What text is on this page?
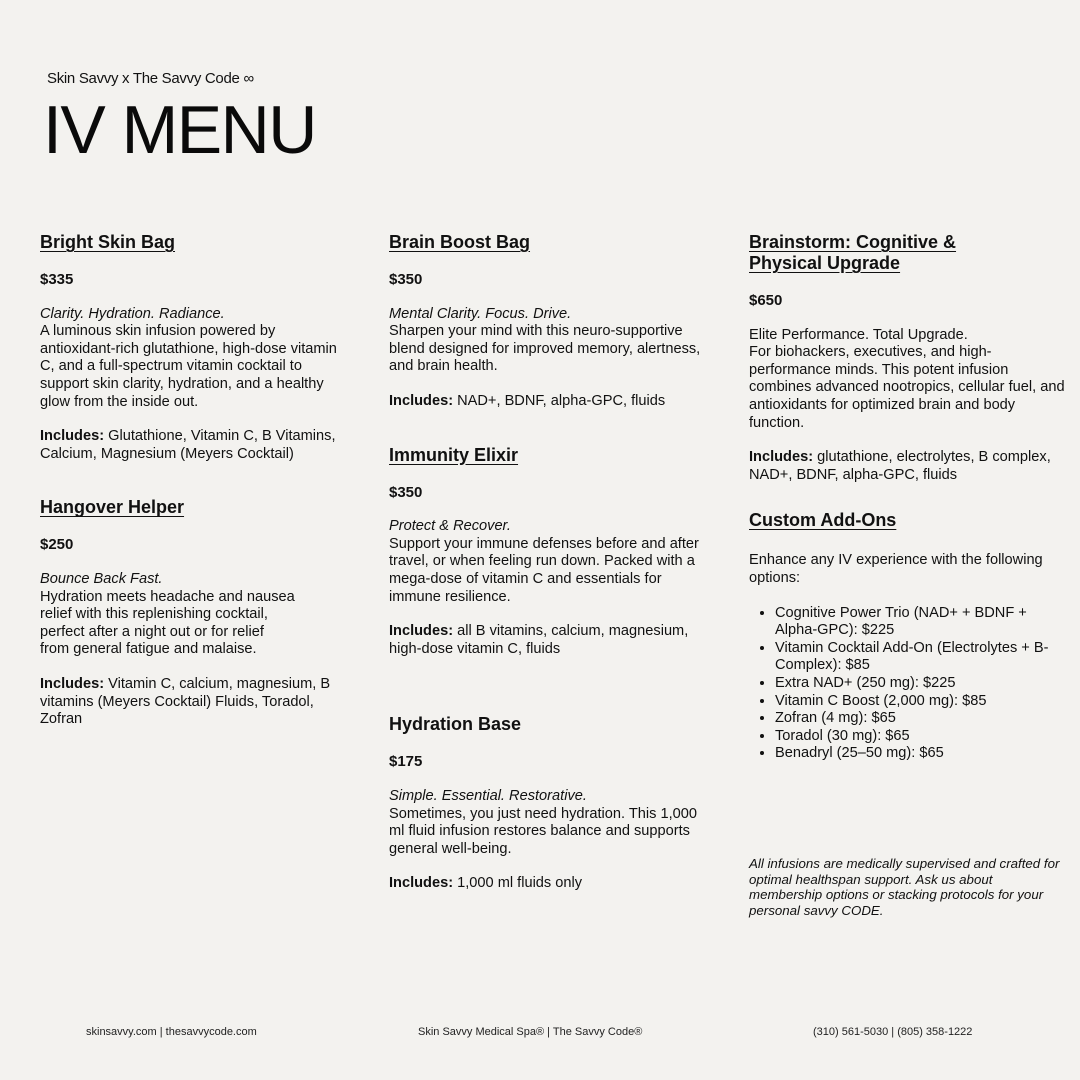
Skin Savvy x The Savvy Code ∞
IV MENU
Bright Skin Bag
$335
Clarity. Hydration. Radiance.

A luminous skin infusion powered by antioxidant-rich glutathione, high-dose vitamin C, and a full-spectrum vitamin cocktail to support skin clarity, hydration, and a healthy glow from the inside out.

Includes: Glutathione, Vitamin C, B Vitamins, Calcium, Magnesium (Meyers Cocktail)

Hangover Helper
$250
Bounce Back Fast.

Hydration meets headache and nausea relief with this replenishing cocktail, perfect after a night out or for relief from general fatigue and malaise.

Includes: Vitamin C, calcium, magnesium, B vitamins (Meyers Cocktail) Fluids, Toradol, Zofran

Brain Boost Bag
$350
Mental Clarity. Focus. Drive.

Sharpen your mind with this neuro-supportive blend designed for improved memory, alertness, and brain health.

Includes: NAD+, BDNF, alpha-GPC, fluids

Immunity Elixir
$350
Protect & Recover.

Support your immune defenses before and after travel, or when feeling run down. Packed with a mega-dose of vitamin C and essentials for immune resilience.

Includes: all B vitamins, calcium, magnesium, high-dose vitamin C, fluids

Hydration Base
$175
Simple. Essential. Restorative.

Sometimes, you just need hydration. This 1,000 ml fluid infusion restores balance and supports general well-being.

Includes: 1,000 ml fluids only

Brainstorm: Cognitive & Physical Upgrade
$650
Elite Performance. Total Upgrade.

For biohackers, executives, and high-performance minds. This potent infusion combines advanced nootropics, cellular fuel, and antioxidants for optimized brain and body function.

Includes: glutathione, electrolytes, B complex, NAD+, BDNF, alpha-GPC, fluids

Custom Add-Ons

Enhance any IV experience with the following options:

• Cognitive Power Trio (NAD+ + BDNF + Alpha-GPC): $225
• Vitamin Cocktail Add-On (Electrolytes + B-Complex): $85
• Extra NAD+ (250 mg): $225
• Vitamin C Boost (2,000 mg): $85
• Zofran (4 mg): $65
• Toradol (30 mg): $65
• Benadryl (25–50 mg): $65

All infusions are medically supervised and crafted for optimal healthspan support. Ask us about membership options or stacking protocols for your personal savvy CODE.

skinsavvy.com | thesavvycode.com	Skin Savvy Medical Spa® | The Savvy Code®	(310) 561-5030 | (805) 358-1222
